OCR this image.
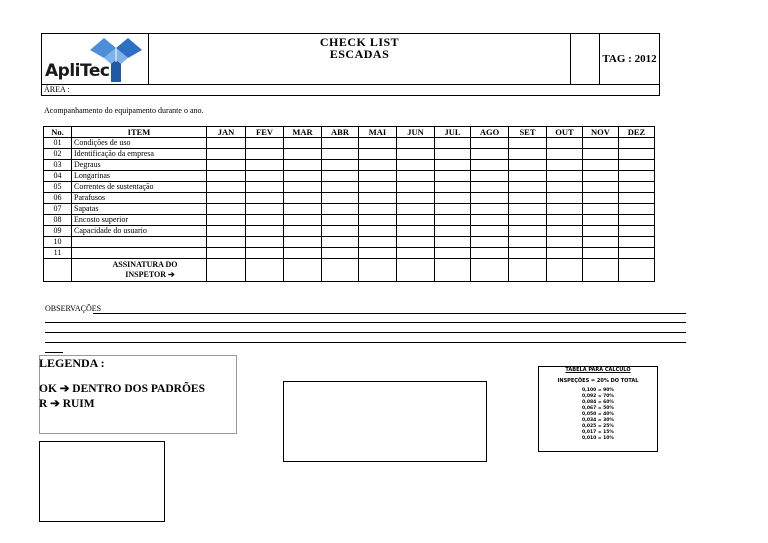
ApliTec
CHECK LIST
ESCADAS	TAG : 2012
ÁREA :
Acompanhamento do equipamento durante o ano.
No.	ITEM	JAN	FEV	MAR	ABR	MAI	JUN	JUL	AGO	SET	OUT	NOV	DEZ
01	Condições de uso												
02	Identificação da empresa												
03	Degraus												
04	Longarinas												
05	Correntes de sustentação												
06	Parafusos												
07	Sapatas												
08	Encosto superior												
09	Capacidade do usuario												
10													
11													

	ASSINATURA DO
INSPETOR ➔												

OBSERVAÇÕES
LEGENDA :
OK ➔ DENTRO DOS PADRÕES
R ➔ RUIM
TABELA PARA CALCULO
INSPEÇÕES = 20% DO TOTAL
0,100 = 90%
0,092 = 70%
0,084 = 60%
0,067 = 50%
0,050 = 40%
0,034 = 30%
0,025 = 25%
0,017 = 15%
0,010 = 10%
